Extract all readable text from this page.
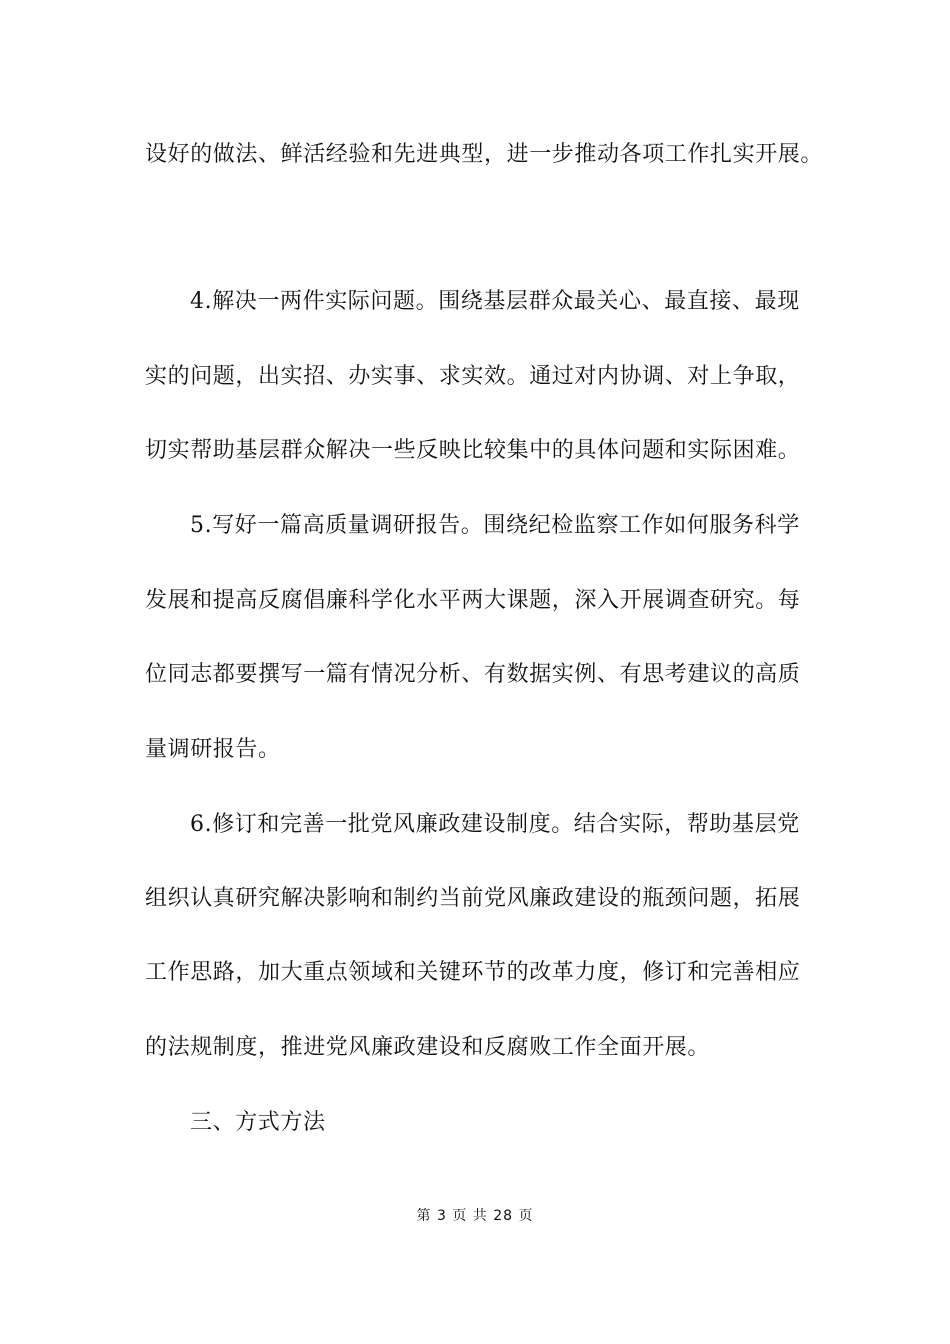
设好的做法、鲜活经验和先进典型，进一步推动各项工作扎实开展。
4.解决一两件实际问题。围绕基层群众最关心、最直接、最现
实的问题，出实招、办实事、求实效。通过对内协调、对上争取，
切实帮助基层群众解决一些反映比较集中的具体问题和实际困难。
5.写好一篇高质量调研报告。围绕纪检监察工作如何服务科学
发展和提高反腐倡廉科学化水平两大课题，深入开展调查研究。每
位同志都要撰写一篇有情况分析、有数据实例、有思考建议的高质
量调研报告。
6.修订和完善一批党风廉政建设制度。结合实际，帮助基层党
组织认真研究解决影响和制约当前党风廉政建设的瓶颈问题，拓展
工作思路，加大重点领域和关键环节的改革力度，修订和完善相应
的法规制度，推进党风廉政建设和反腐败工作全面开展。
三、方式方法
第 3 页 共 28 页
